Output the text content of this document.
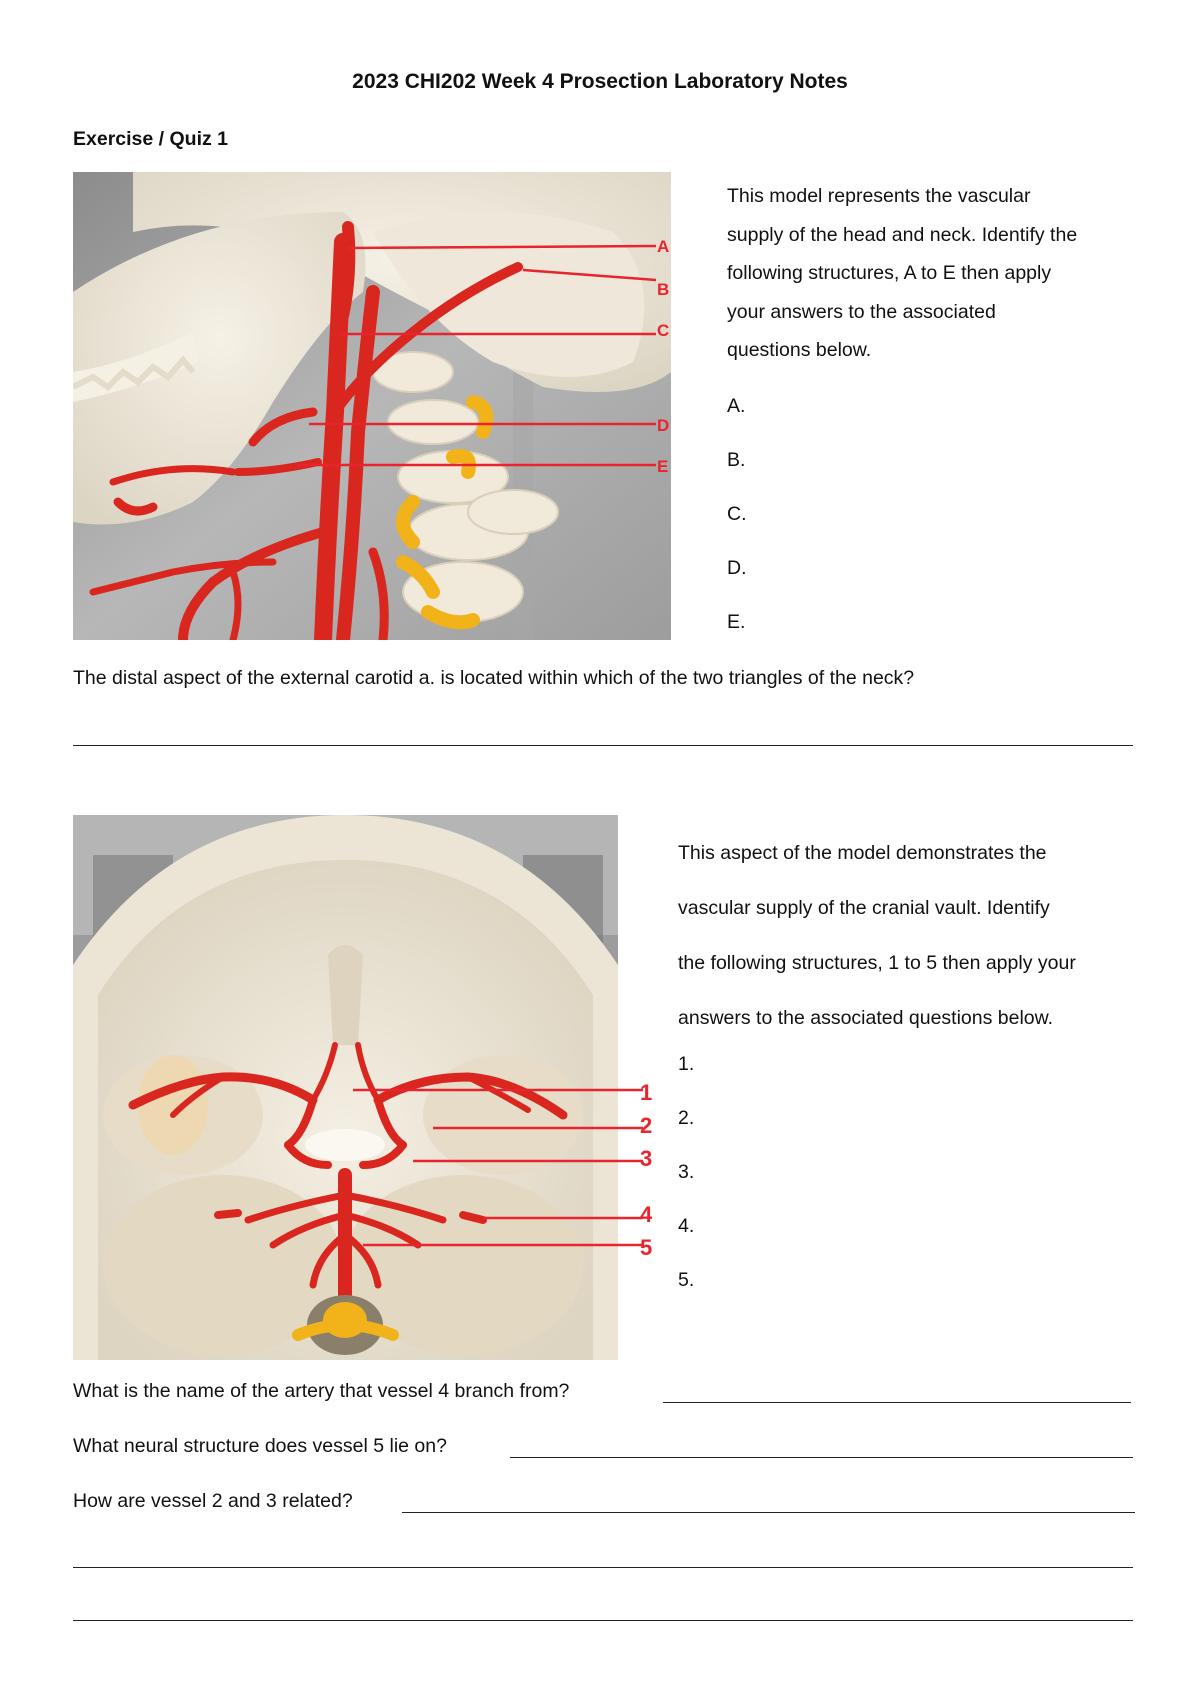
2023 CHI202 Week 4 Prosection Laboratory Notes
Exercise / Quiz 1
A
B
C
D
E

This model represents the vascular

supply of the head and neck. Identify the

following structures, A to E then apply

your answers to the associated

questions below.

A.
B.
C.
D.
E.
The distal aspect of the external carotid a. is located within which of the two triangles of the neck?
1
2
3
4
5

This aspect of the model demonstrates the

vascular supply of the cranial vault. Identify

the following structures, 1 to 5 then apply your

answers to the associated questions below.

1.
2.
3.
4.
5.
What is the name of the artery that vessel 4 branch from?
What neural structure does vessel 5 lie on?
How are vessel 2 and 3 related?
